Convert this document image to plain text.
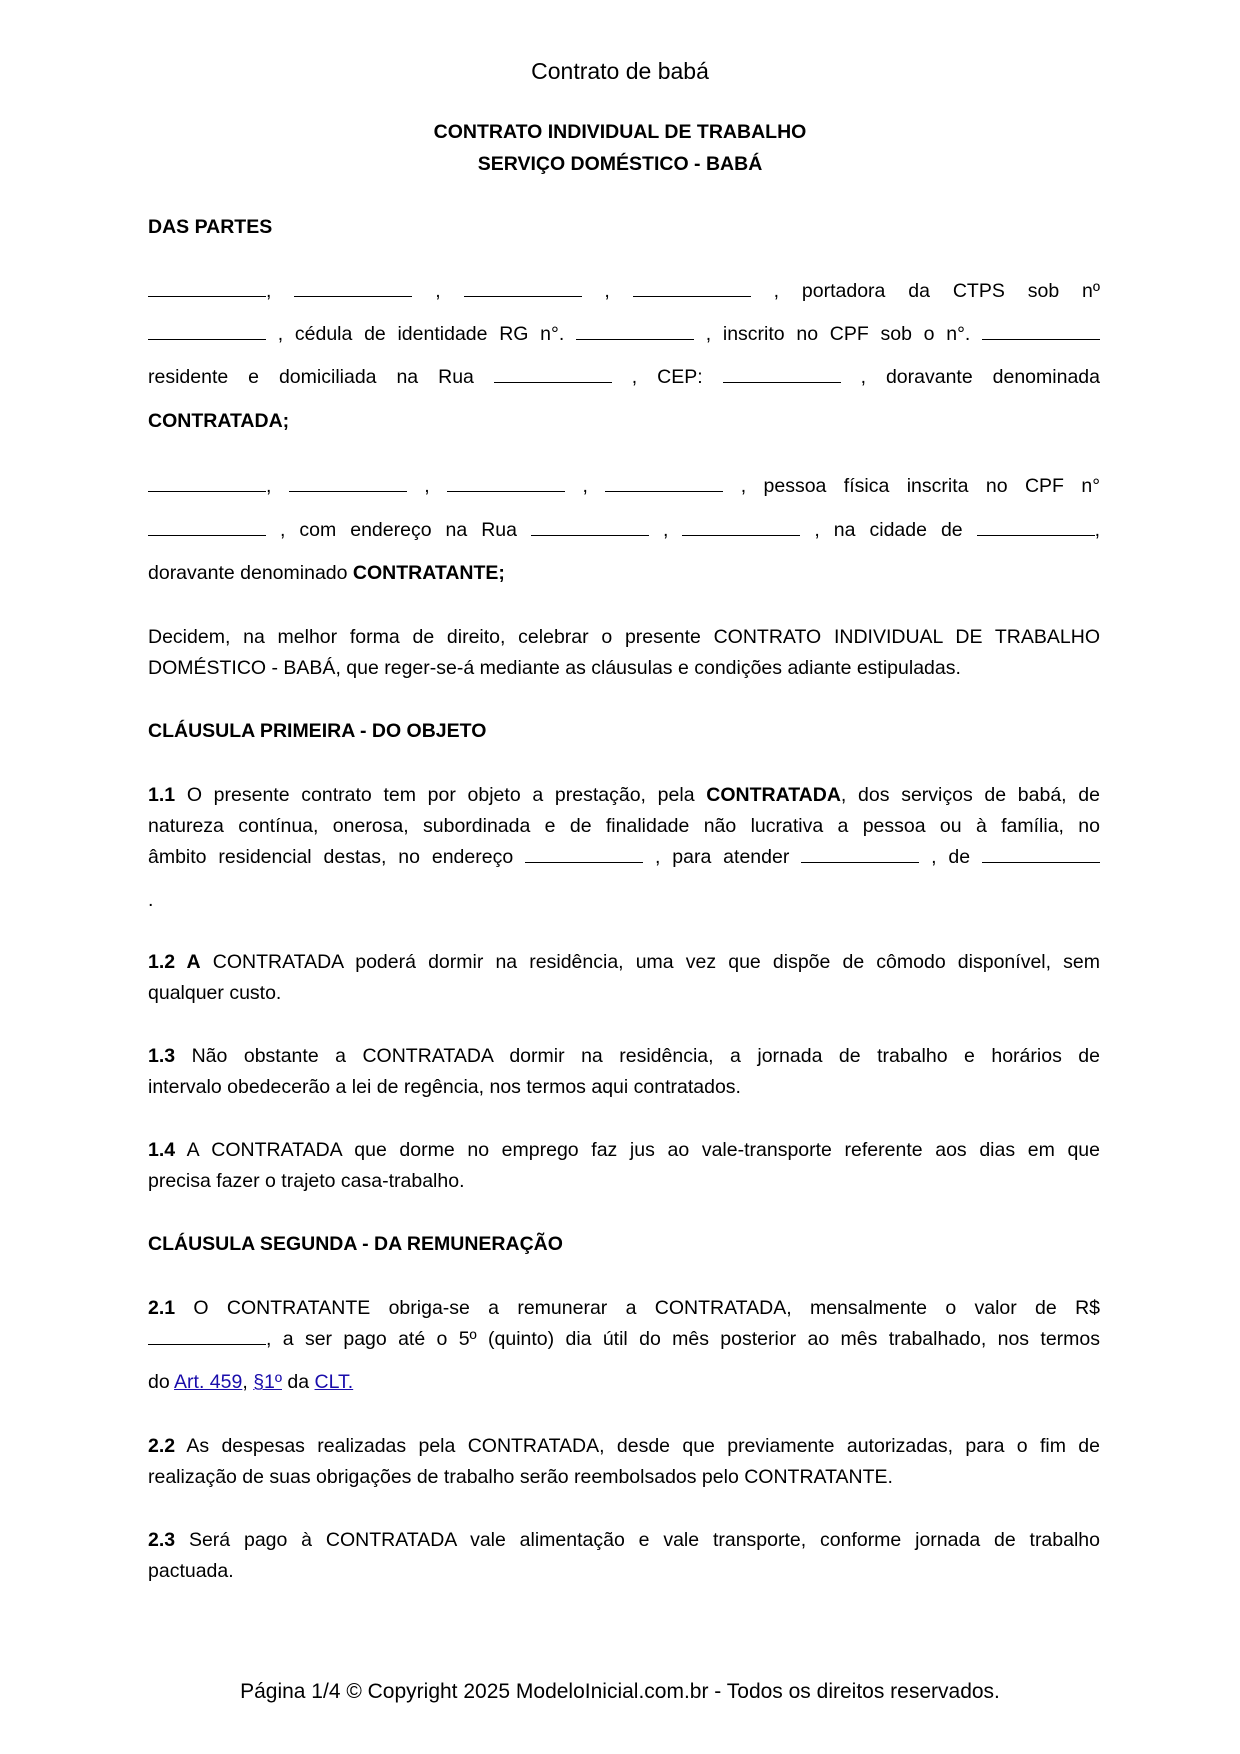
Contrato de babá
CONTRATO INDIVIDUAL DE TRABALHO
SERVIÇO DOMÉSTICO - BABÁ
DAS PARTES
,	,	,	, portadora da CTPS sob nº
, cédula de identidade RG n°.	, inscrito no CPF sob o n°.
residente e domiciliada na Rua	, CEP:	, doravante denominada
CONTRATADA;
,	,	,	, pessoa física inscrita no CPF n°
, com endereço na Rua	,	, na cidade de	,
doravante denominado CONTRATANTE;
Decidem, na melhor forma de direito, celebrar o presente CONTRATO INDIVIDUAL DE TRABALHO
DOMÉSTICO - BABÁ, que reger-se-á mediante as cláusulas e condições adiante estipuladas.
CLÁUSULA PRIMEIRA - DO OBJETO
1.1 O presente contrato tem por objeto a prestação, pela CONTRATADA, dos serviços de babá, de
natureza contínua, onerosa, subordinada e de finalidade não lucrativa a pessoa ou à família, no
âmbito residencial destas, no endereço	, para atender	, de
.
1.2 A CONTRATADA poderá dormir na residência, uma vez que dispõe de cômodo disponível, sem
qualquer custo.
1.3 Não obstante a CONTRATADA dormir na residência, a jornada de trabalho e horários de
intervalo obedecerão a lei de regência, nos termos aqui contratados.
1.4 A CONTRATADA que dorme no emprego faz jus ao vale-transporte referente aos dias em que
precisa fazer o trajeto casa-trabalho.
CLÁUSULA SEGUNDA - DA REMUNERAÇÃO
2.1 O CONTRATANTE obriga-se a remunerar a CONTRATADA, mensalmente o valor de R$
, a ser pago até o 5º (quinto) dia útil do mês posterior ao mês trabalhado, nos termos
do Art. 459, §1º da CLT.
2.2 As despesas realizadas pela CONTRATADA, desde que previamente autorizadas, para o fim de
realização de suas obrigações de trabalho serão reembolsados pelo CONTRATANTE.
2.3 Será pago à CONTRATADA vale alimentação e vale transporte, conforme jornada de trabalho
pactuada.
Página 1/4 © Copyright 2025 ModeloInicial.com.br - Todos os direitos reservados.
